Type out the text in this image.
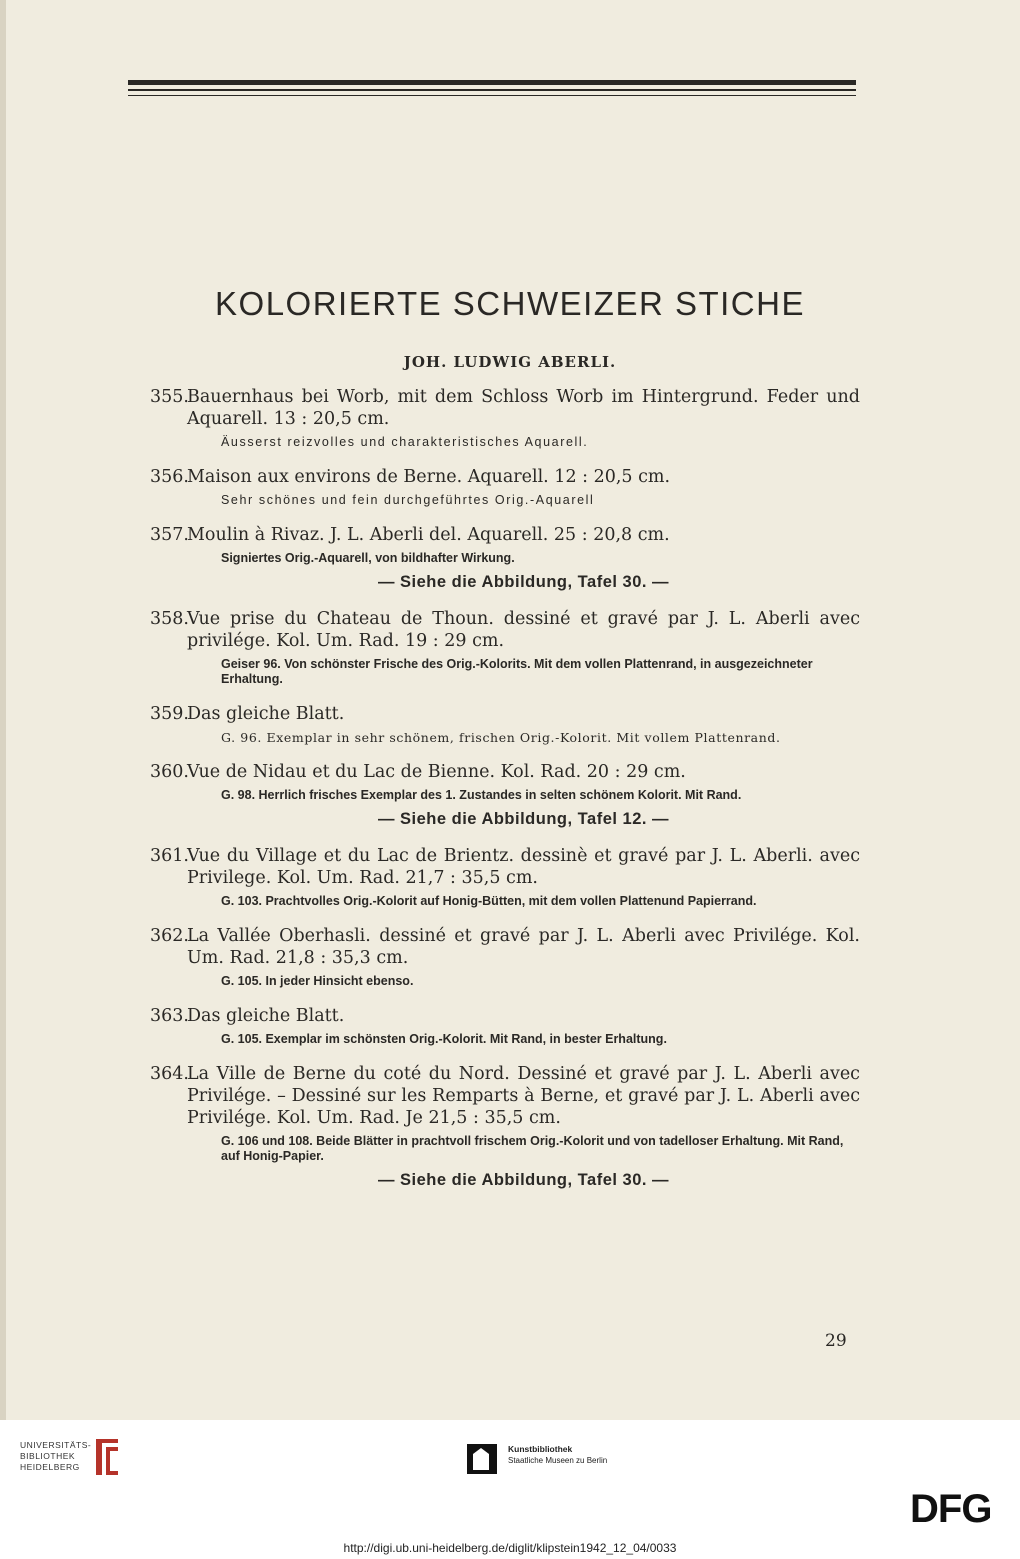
KOLORIERTE SCHWEIZER STICHE
JOH. LUDWIG ABERLI.
355.
Bauernhaus bei Worb, mit dem Schloss Worb im Hintergrund. Feder und Aquarell. 13 : 20,5 cm.
Äusserst reizvolles und charakteristisches Aquarell.
356.
Maison aux environs de Berne. Aquarell. 12 : 20,5 cm.
Sehr schönes und fein durchgeführtes Orig.-Aquarell
357.
Moulin à Rivaz. J. L. Aberli del. Aquarell. 25 : 20,8 cm.
Signiertes Orig.-Aquarell, von bildhafter Wirkung.
— Siehe die Abbildung, Tafel 30. —
358.
Vue prise du Chateau de Thoun. dessiné et gravé par J. L. Aberli avec privilége. Kol. Um. Rad. 19 : 29 cm.
Geiser 96. Von schönster Frische des Orig.-Kolorits. Mit dem vollen Plattenrand, in ausgezeichneter Erhaltung.
359.
Das gleiche Blatt.
G. 96. Exemplar in sehr schönem, frischen Orig.-Kolorit. Mit vollem Plattenrand.
360.
Vue de Nidau et du Lac de Bienne. Kol. Rad. 20 : 29 cm.
G. 98. Herrlich frisches Exemplar des 1. Zustandes in selten schönem Kolorit. Mit Rand.
— Siehe die Abbildung, Tafel 12. —
361.
Vue du Village et du Lac de Brientz. dessinè et gravé par J. L. Aberli. avec Privilege. Kol. Um. Rad. 21,7 : 35,5 cm.
G. 103. Prachtvolles Orig.-Kolorit auf Honig-Bütten, mit dem vollen Plattenund Papierrand.
362.
La Vallée Oberhasli. dessiné et gravé par J. L. Aberli avec Privilége. Kol. Um. Rad. 21,8 : 35,3 cm.
G. 105. In jeder Hinsicht ebenso.
363.
Das gleiche Blatt.
G. 105. Exemplar im schönsten Orig.-Kolorit. Mit Rand, in bester Erhaltung.
364.
La Ville de Berne du coté du Nord. Dessiné et gravé par J. L. Aberli avec Privilége. – Dessiné sur les Remparts à Berne, et gravé par J. L. Aberli avec Privilége. Kol. Um. Rad. Je 21,5 : 35,5 cm.
G. 106 und 108. Beide Blätter in prachtvoll frischem Orig.-Kolorit und von tadelloser Erhaltung. Mit Rand, auf Honig-Papier.
— Siehe die Abbildung, Tafel 30. —
29
UNIVERSITÄTS-
BIBLIOTHEK
HEIDELBERG
Kunstbibliothek
Staatliche Museen zu Berlin
DFG
http://digi.ub.uni-heidelberg.de/diglit/klipstein1942_12_04/0033
